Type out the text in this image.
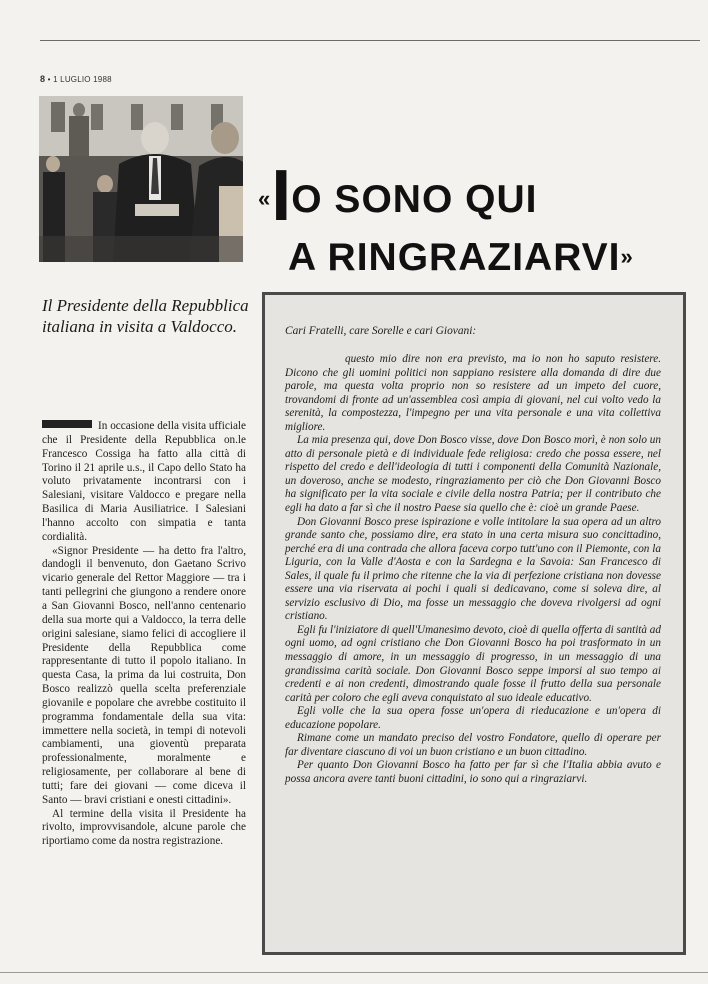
8 • 1 LUGLIO 1988
«IO SONO QUI
A RINGRAZIARVI»
Il Presidente della Repubblica italiana in visita a Valdocco.

In occasione della visita ufficiale che il Presidente della Repubblica on.le Francesco Cossiga ha fatto alla città di Torino il 21 aprile u.s., il Capo dello Stato ha voluto privatamente incontrarsi con i Salesiani, visitare Valdocco e pregare nella Basilica di Maria Ausiliatrice. I Salesiani l'hanno accolto con simpatia e tanta cordialità.

«Signor Presidente — ha detto fra l'altro, dandogli il benvenuto, don Gaetano Scrivo vicario generale del Rettor Maggiore — tra i tanti pellegrini che giungono a rendere onore a San Giovanni Bosco, nell'anno centenario della sua morte qui a Valdocco, la terra delle origini salesiane, siamo felici di accogliere il Presidente della Repubblica come rappresentante di tutto il popolo italiano. In questa Casa, la prima da lui costruita, Don Bosco realizzò quella scelta preferenziale giovanile e popolare che avrebbe costituito il programma fondamentale della sua vita: immettere nella società, in tempi di notevoli cambiamenti, una gioventù preparata professionalmente, moralmente e religiosamente, per collaborare al bene di tutti; fare dei giovani — come diceva il Santo — bravi cristiani e onesti cittadini».

Al termine della visita il Presidente ha rivolto, improvvisandole, alcune parole che riportiamo come da nostra registrazione.

Cari Fratelli, care Sorelle e cari Giovani:

questo mio dire non era previsto, ma io non ho saputo resistere. Dicono che gli uomini politici non sappiano resistere alla domanda di dire due parole, ma questa volta proprio non so resistere ad un impeto del cuore, trovandomi di fronte ad un'assemblea così ampia di giovani, nel cui volto vedo la serenità, la compostezza, l'impegno per una vita personale e una vita collettiva migliore.

La mia presenza qui, dove Don Bosco visse, dove Don Bosco morì, è non solo un atto di personale pietà e di individuale fede religiosa: credo che possa essere, nel rispetto del credo e dell'ideologia di tutti i componenti della Comunità Nazionale, un doveroso, anche se modesto, ringraziamento per ciò che Don Giovanni Bosco ha significato per la vita sociale e civile della nostra Patria; per il contributo che egli ha dato a far sì che il nostro Paese sia quello che è: cioè un grande Paese.

Don Giovanni Bosco prese ispirazione e volle intitolare la sua opera ad un altro grande santo che, possiamo dire, era stato in una certa misura suo concittadino, perché era di una contrada che allora faceva corpo tutt'uno con il Piemonte, con la Liguria, con la Valle d'Aosta e con la Sardegna e la Savoia: San Francesco di Sales, il quale fu il primo che ritenne che la via di perfezione cristiana non dovesse essere una via riservata ai pochi i quali si dedicavano, come si soleva dire, al servizio esclusivo di Dio, ma fosse un messaggio che doveva rivolgersi ad ogni cristiano.

Egli fu l'iniziatore di quell'Umanesimo devoto, cioè di quella offerta di santità ad ogni uomo, ad ogni cristiano che Don Giovanni Bosco ha poi trasformato in un messaggio di amore, in un messaggio di progresso, in un messaggio di una grandissima carità sociale. Don Giovanni Bosco seppe imporsi al suo tempo ai credenti e ai non credenti, dimostrando quale fosse il frutto della sua personale carità per coloro che egli aveva conquistato al suo ideale educativo.

Egli volle che la sua opera fosse un'opera di rieducazione e un'opera di educazione popolare.

Rimane come un mandato preciso del vostro Fondatore, quello di operare per far diventare ciascuno di voi un buon cristiano e un buon cittadino.

Per quanto Don Giovanni Bosco ha fatto per far sì che l'Italia abbia avuto e possa ancora avere tanti buoni cittadini, io sono qui a ringraziarvi.
